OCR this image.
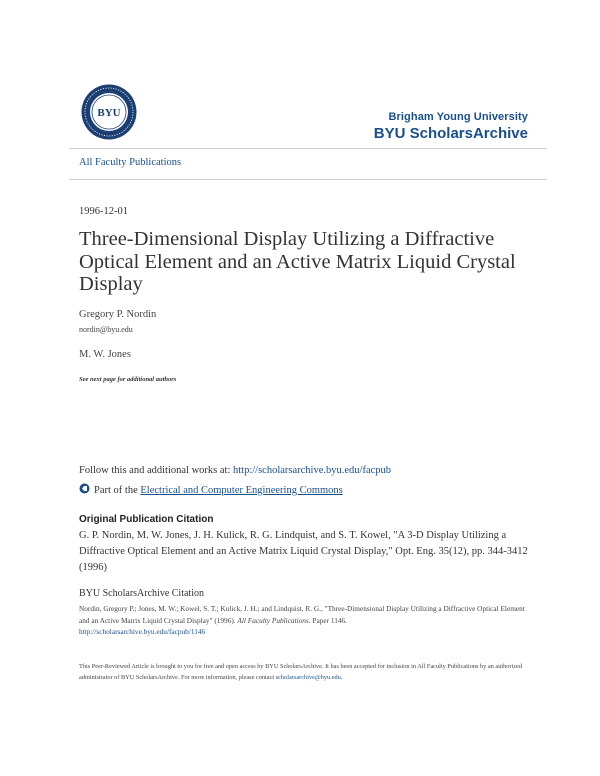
BYU	Brigham Young University
BYU ScholarsArchive
All Faculty Publications
1996-12-01
Three-Dimensional Display Utilizing a Diffractive Optical Element and an Active Matrix Liquid Crystal Display
Gregory P. Nordin
nordin@byu.edu
M. W. Jones
See next page for additional authors
Follow this and additional works at: http://scholarsarchive.byu.edu/facpub
Part of the Electrical and Computer Engineering Commons
Original Publication Citation
G. P. Nordin, M. W. Jones, J. H. Kulick, R. G. Lindquist, and S. T. Kowel, "A 3-D Display Utilizing a Diffractive Optical Element and an Active Matrix Liquid Crystal Display," Opt. Eng. 35(12), pp. 344-3412 (1996)
BYU ScholarsArchive Citation
Nordin, Gregory P.; Jones, M. W.; Kowel, S. T.; Kulick, J. H.; and Lindquist, R. G., "Three-Dimensional Display Utilizing a Diffractive Optical Element and an Active Matrix Liquid Crystal Display" (1996). All Faculty Publications. Paper 1146.
http://scholarsarchive.byu.edu/facpub/1146
This Peer-Reviewed Article is brought to you for free and open access by BYU ScholarsArchive. It has been accepted for inclusion in All Faculty Publications by an authorized administrator of BYU ScholarsArchive. For more information, please contact scholarsarchive@byu.edu.
